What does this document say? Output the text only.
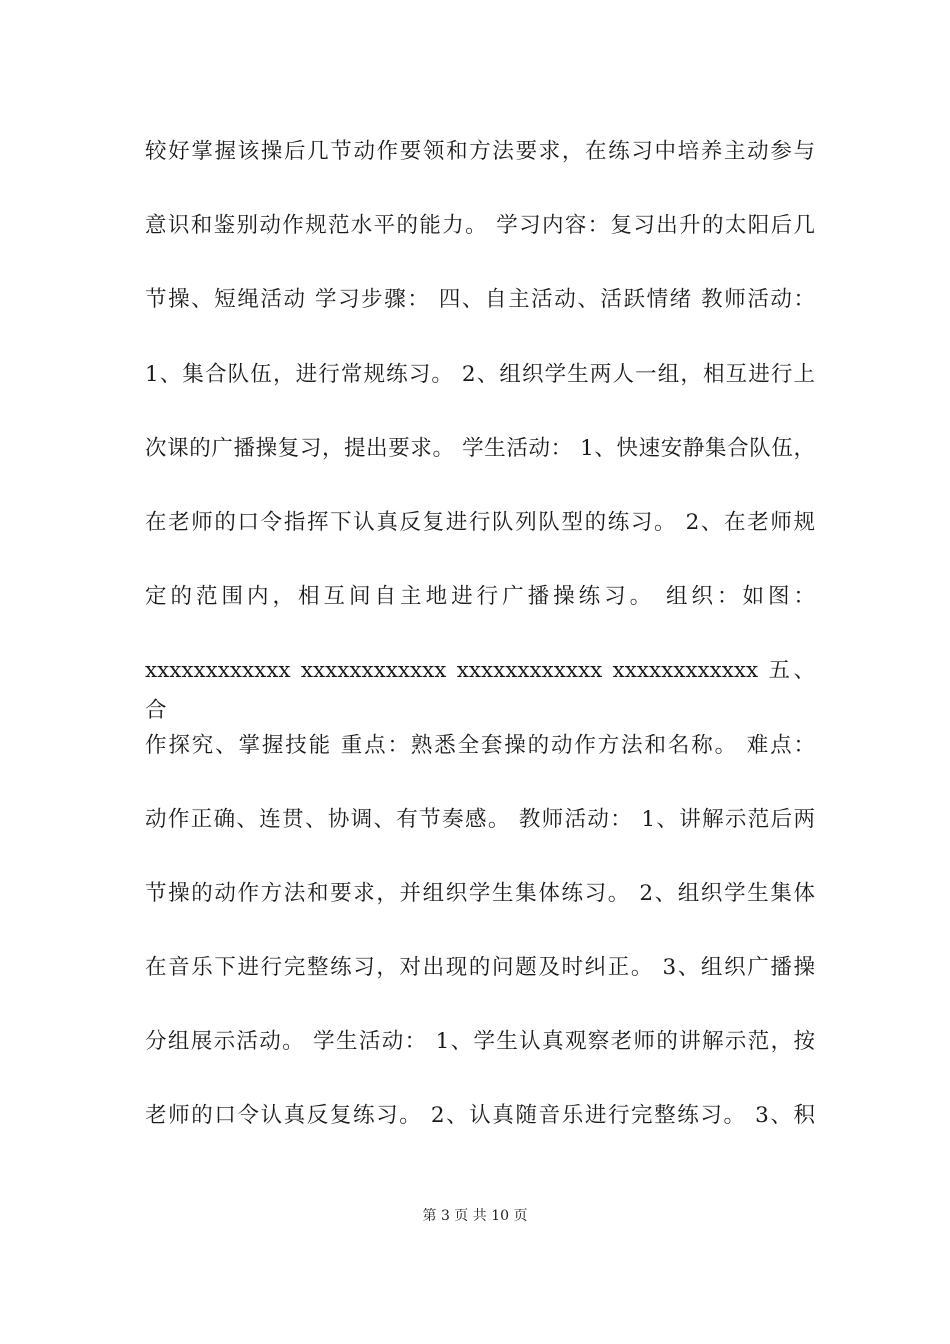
较好掌握该操后几节动作要领和方法要求，在练习中培养主动参与
意识和鉴别动作规范水平的能力。 学习内容：复习出升的太阳后几
节操、短绳活动 学习步骤： 四、自主活动、活跃情绪 教师活动：
1、集合队伍，进行常规练习。 2、组织学生两人一组，相互进行上
次课的广播操复习，提出要求。 学生活动： 1、快速安静集合队伍，
在老师的口令指挥下认真反复进行队列队型的练习。 2、在老师规
定的范围内，相互间自主地进行广播操练习。 组织：如图：
xxxxxxxxxxxx xxxxxxxxxxxx xxxxxxxxxxxx xxxxxxxxxxxx 五、合
作探究、掌握技能 重点：熟悉全套操的动作方法和名称。 难点：
动作正确、连贯、协调、有节奏感。 教师活动： 1、讲解示范后两
节操的动作方法和要求，并组织学生集体练习。 2、组织学生集体
在音乐下进行完整练习，对出现的问题及时纠正。 3、组织广播操
分组展示活动。 学生活动： 1、学生认真观察老师的讲解示范，按
老师的口令认真反复练习。 2、认真随音乐进行完整练习。 3、积
第 3 页 共 10 页
